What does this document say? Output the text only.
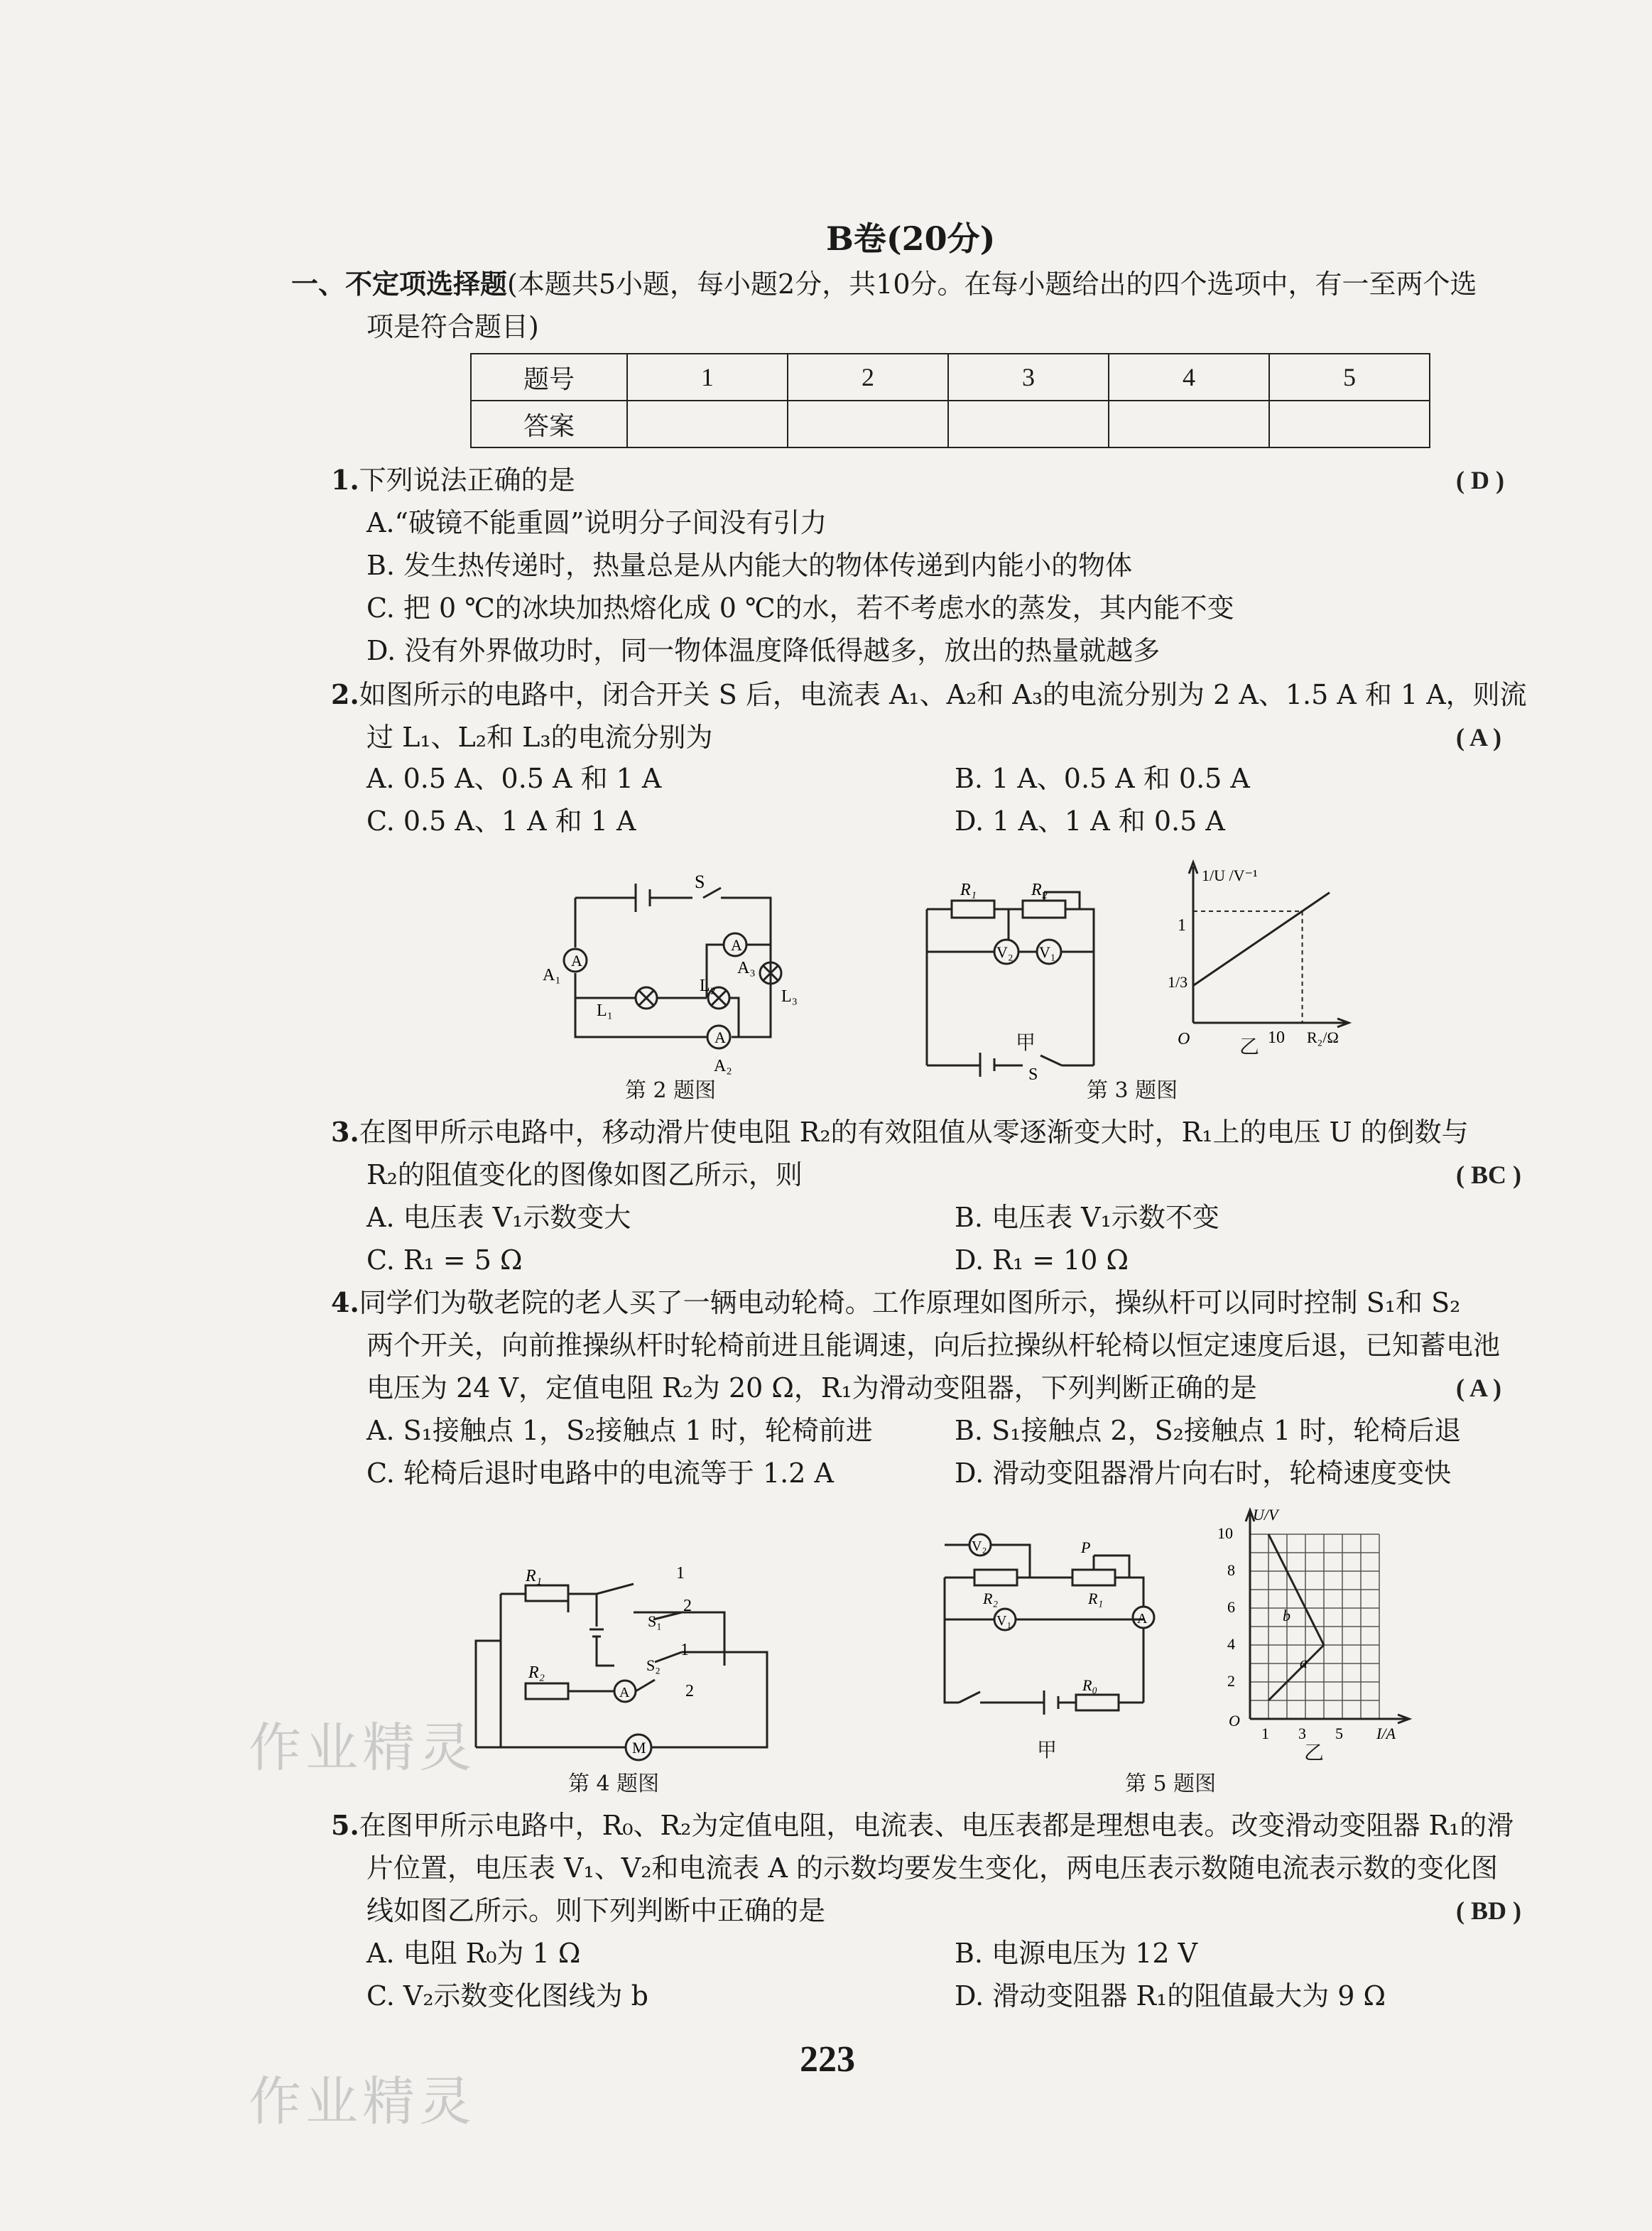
B卷(20分)
一、不定项选择题(本题共5小题，每小题2分，共10分。在每小题给出的四个选项中，有一至两个选
项是符合题目)
题号	1	2	3	4	5
答案					
1.下列说法正确的是	( D )
A.“破镜不能重圆”说明分子间没有引力
B. 发生热传递时，热量总是从内能大的物体传递到内能小的物体
C. 把 0 ℃的冰块加热熔化成 0 ℃的水，若不考虑水的蒸发，其内能不变
D. 没有外界做功时，同一物体温度降低得越多，放出的热量就越多
2.如图所示的电路中，闭合开关 S 后，电流表 A₁、A₂和 A₃的电流分别为 2 A、1.5 A 和 1 A，则流
过 L₁、L₂和 L₃的电流分别为	( A )
A. 0.5 A、0.5 A 和 1 A	B. 1 A、0.5 A 和 0.5 A
C. 0.5 A、1 A 和 1 A	D. 1 A、1 A 和 0.5 A
A
A
A
S
A₁
L₁
L₂
A₃
L₃
A₂
第 2 题图
R₁	R₂
V₂ V₁
S
甲
1/U /V⁻¹
1
1/3
O	10 R₂/Ω
乙
第 3 题图
3.在图甲所示电路中，移动滑片使电阻 R₂的有效阻值从零逐渐变大时，R₁上的电压 U 的倒数与
R₂的阻值变化的图像如图乙所示，则	( BC )
A. 电压表 V₁示数变大	B. 电压表 V₁示数不变
C. R₁ = 5 Ω	D. R₁ = 10 Ω
4.同学们为敬老院的老人买了一辆电动轮椅。工作原理如图所示，操纵杆可以同时控制 S₁和 S₂
两个开关，向前推操纵杆时轮椅前进且能调速，向后拉操纵杆轮椅以恒定速度后退，已知蓄电池
电压为 24 V，定值电阻 R₂为 20 Ω，R₁为滑动变阻器，下列判断正确的是	( A )
A. S₁接触点 1，S₂接触点 1 时，轮椅前进	B. S₁接触点 2，S₂接触点 1 时，轮椅后退
C. 轮椅后退时电路中的电流等于 1.2 A	D. 滑动变阻器滑片向右时，轮椅速度变快
R₁
R₂
S₁
S₂
A
M
1
2
1
2
第 4 题图
V₂
V₁	A
R₂	R₁
R₀
P
甲
U/V
10
8
6
4
2
O
1 3 5 I/A
a
b
乙
第 5 题图
作业精灵
5.在图甲所示电路中，R₀、R₂为定值电阻，电流表、电压表都是理想电表。改变滑动变阻器 R₁的滑
片位置，电压表 V₁、V₂和电流表 A 的示数均要发生变化，两电压表示数随电流表示数的变化图
线如图乙所示。则下列判断中正确的是	( BD )
A. 电阻 R₀为 1 Ω	B. 电源电压为 12 V
C. V₂示数变化图线为 b	D. 滑动变阻器 R₁的阻值最大为 9 Ω
223
作业精灵
